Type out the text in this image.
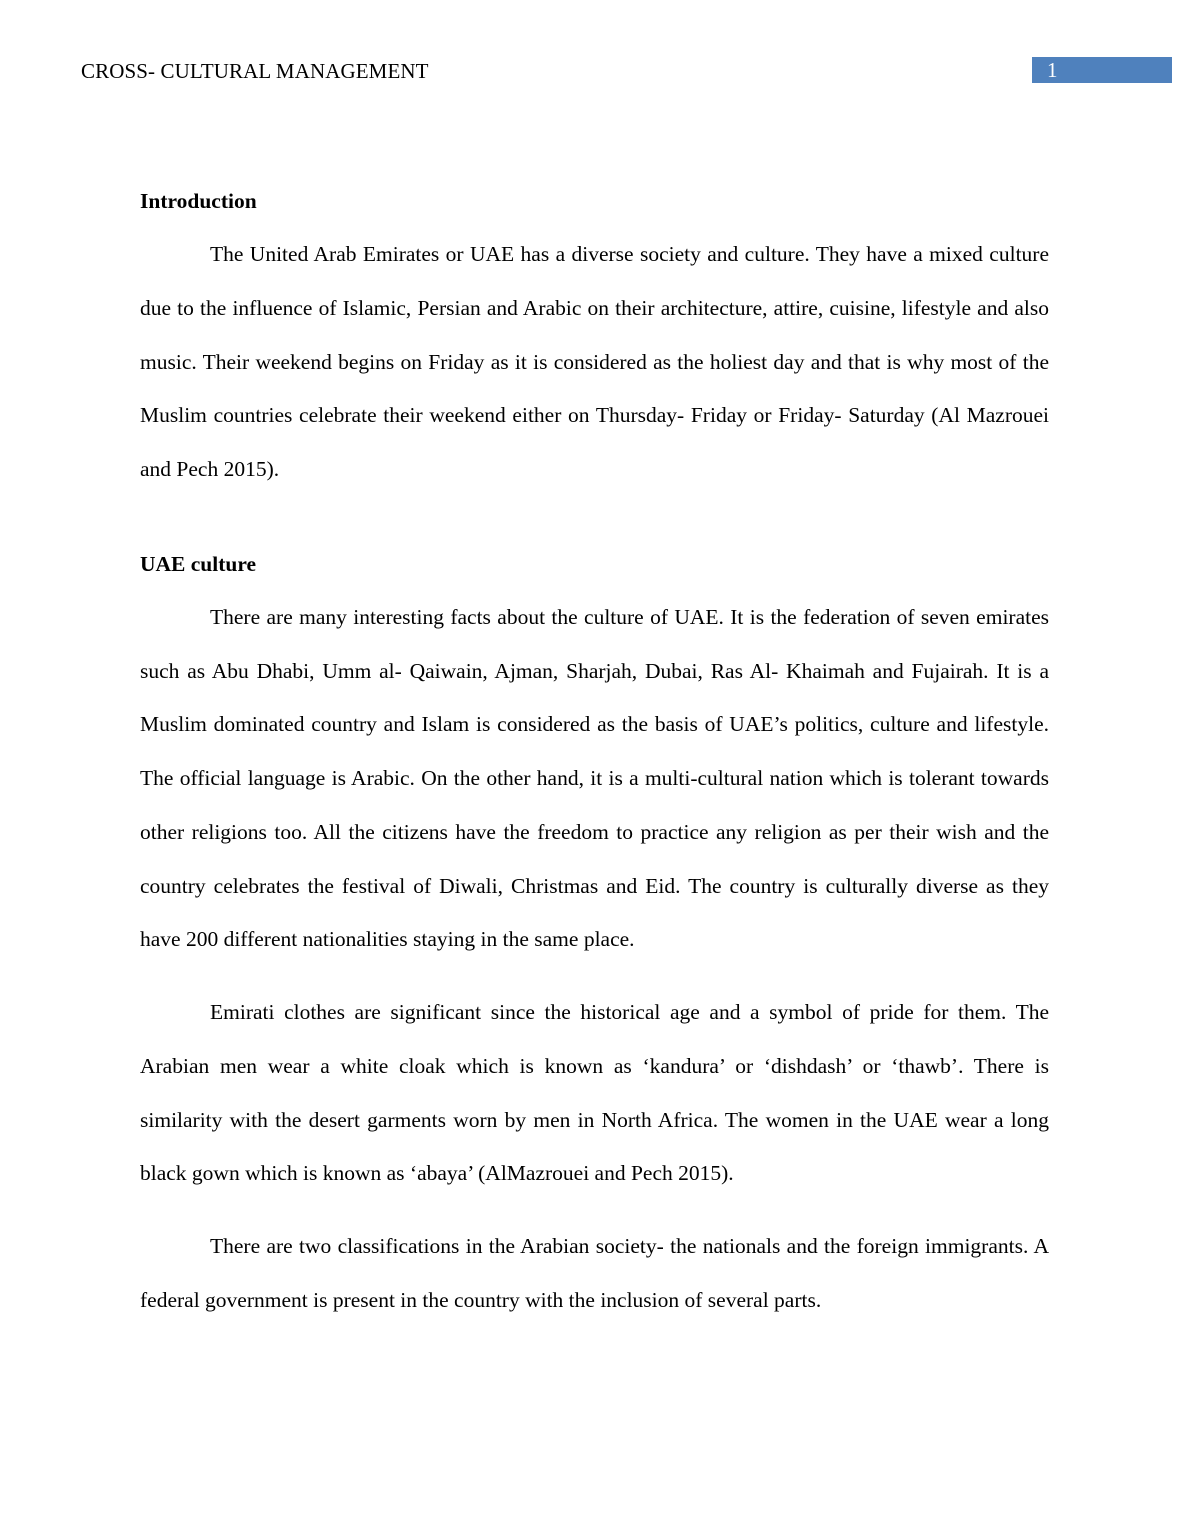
CROSS- CULTURAL MANAGEMENT	1
Introduction

The United Arab Emirates or UAE has a diverse society and culture. They have a mixed culture due to the influence of Islamic, Persian and Arabic on their architecture, attire, cuisine, lifestyle and also music. Their weekend begins on Friday as it is considered as the holiest day and that is why most of the Muslim countries celebrate their weekend either on Thursday- Friday or Friday- Saturday (Al Mazrouei and Pech 2015).

UAE culture

There are many interesting facts about the culture of UAE. It is the federation of seven emirates such as Abu Dhabi, Umm al- Qaiwain, Ajman, Sharjah, Dubai, Ras Al- Khaimah and Fujairah. It is a Muslim dominated country and Islam is considered as the basis of UAE’s politics, culture and lifestyle. The official language is Arabic. On the other hand, it is a multi-cultural nation which is tolerant towards other religions too. All the citizens have the freedom to practice any religion as per their wish and the country celebrates the festival of Diwali, Christmas and Eid. The country is culturally diverse as they have 200 different nationalities staying in the same place.

Emirati clothes are significant since the historical age and a symbol of pride for them. The Arabian men wear a white cloak which is known as ‘kandura’ or ‘dishdash’ or ‘thawb’. There is similarity with the desert garments worn by men in North Africa. The women in the UAE wear a long black gown which is known as ‘abaya’ (AlMazrouei and Pech 2015).

There are two classifications in the Arabian society- the nationals and the foreign immigrants. A federal government is present in the country with the inclusion of several parts.
